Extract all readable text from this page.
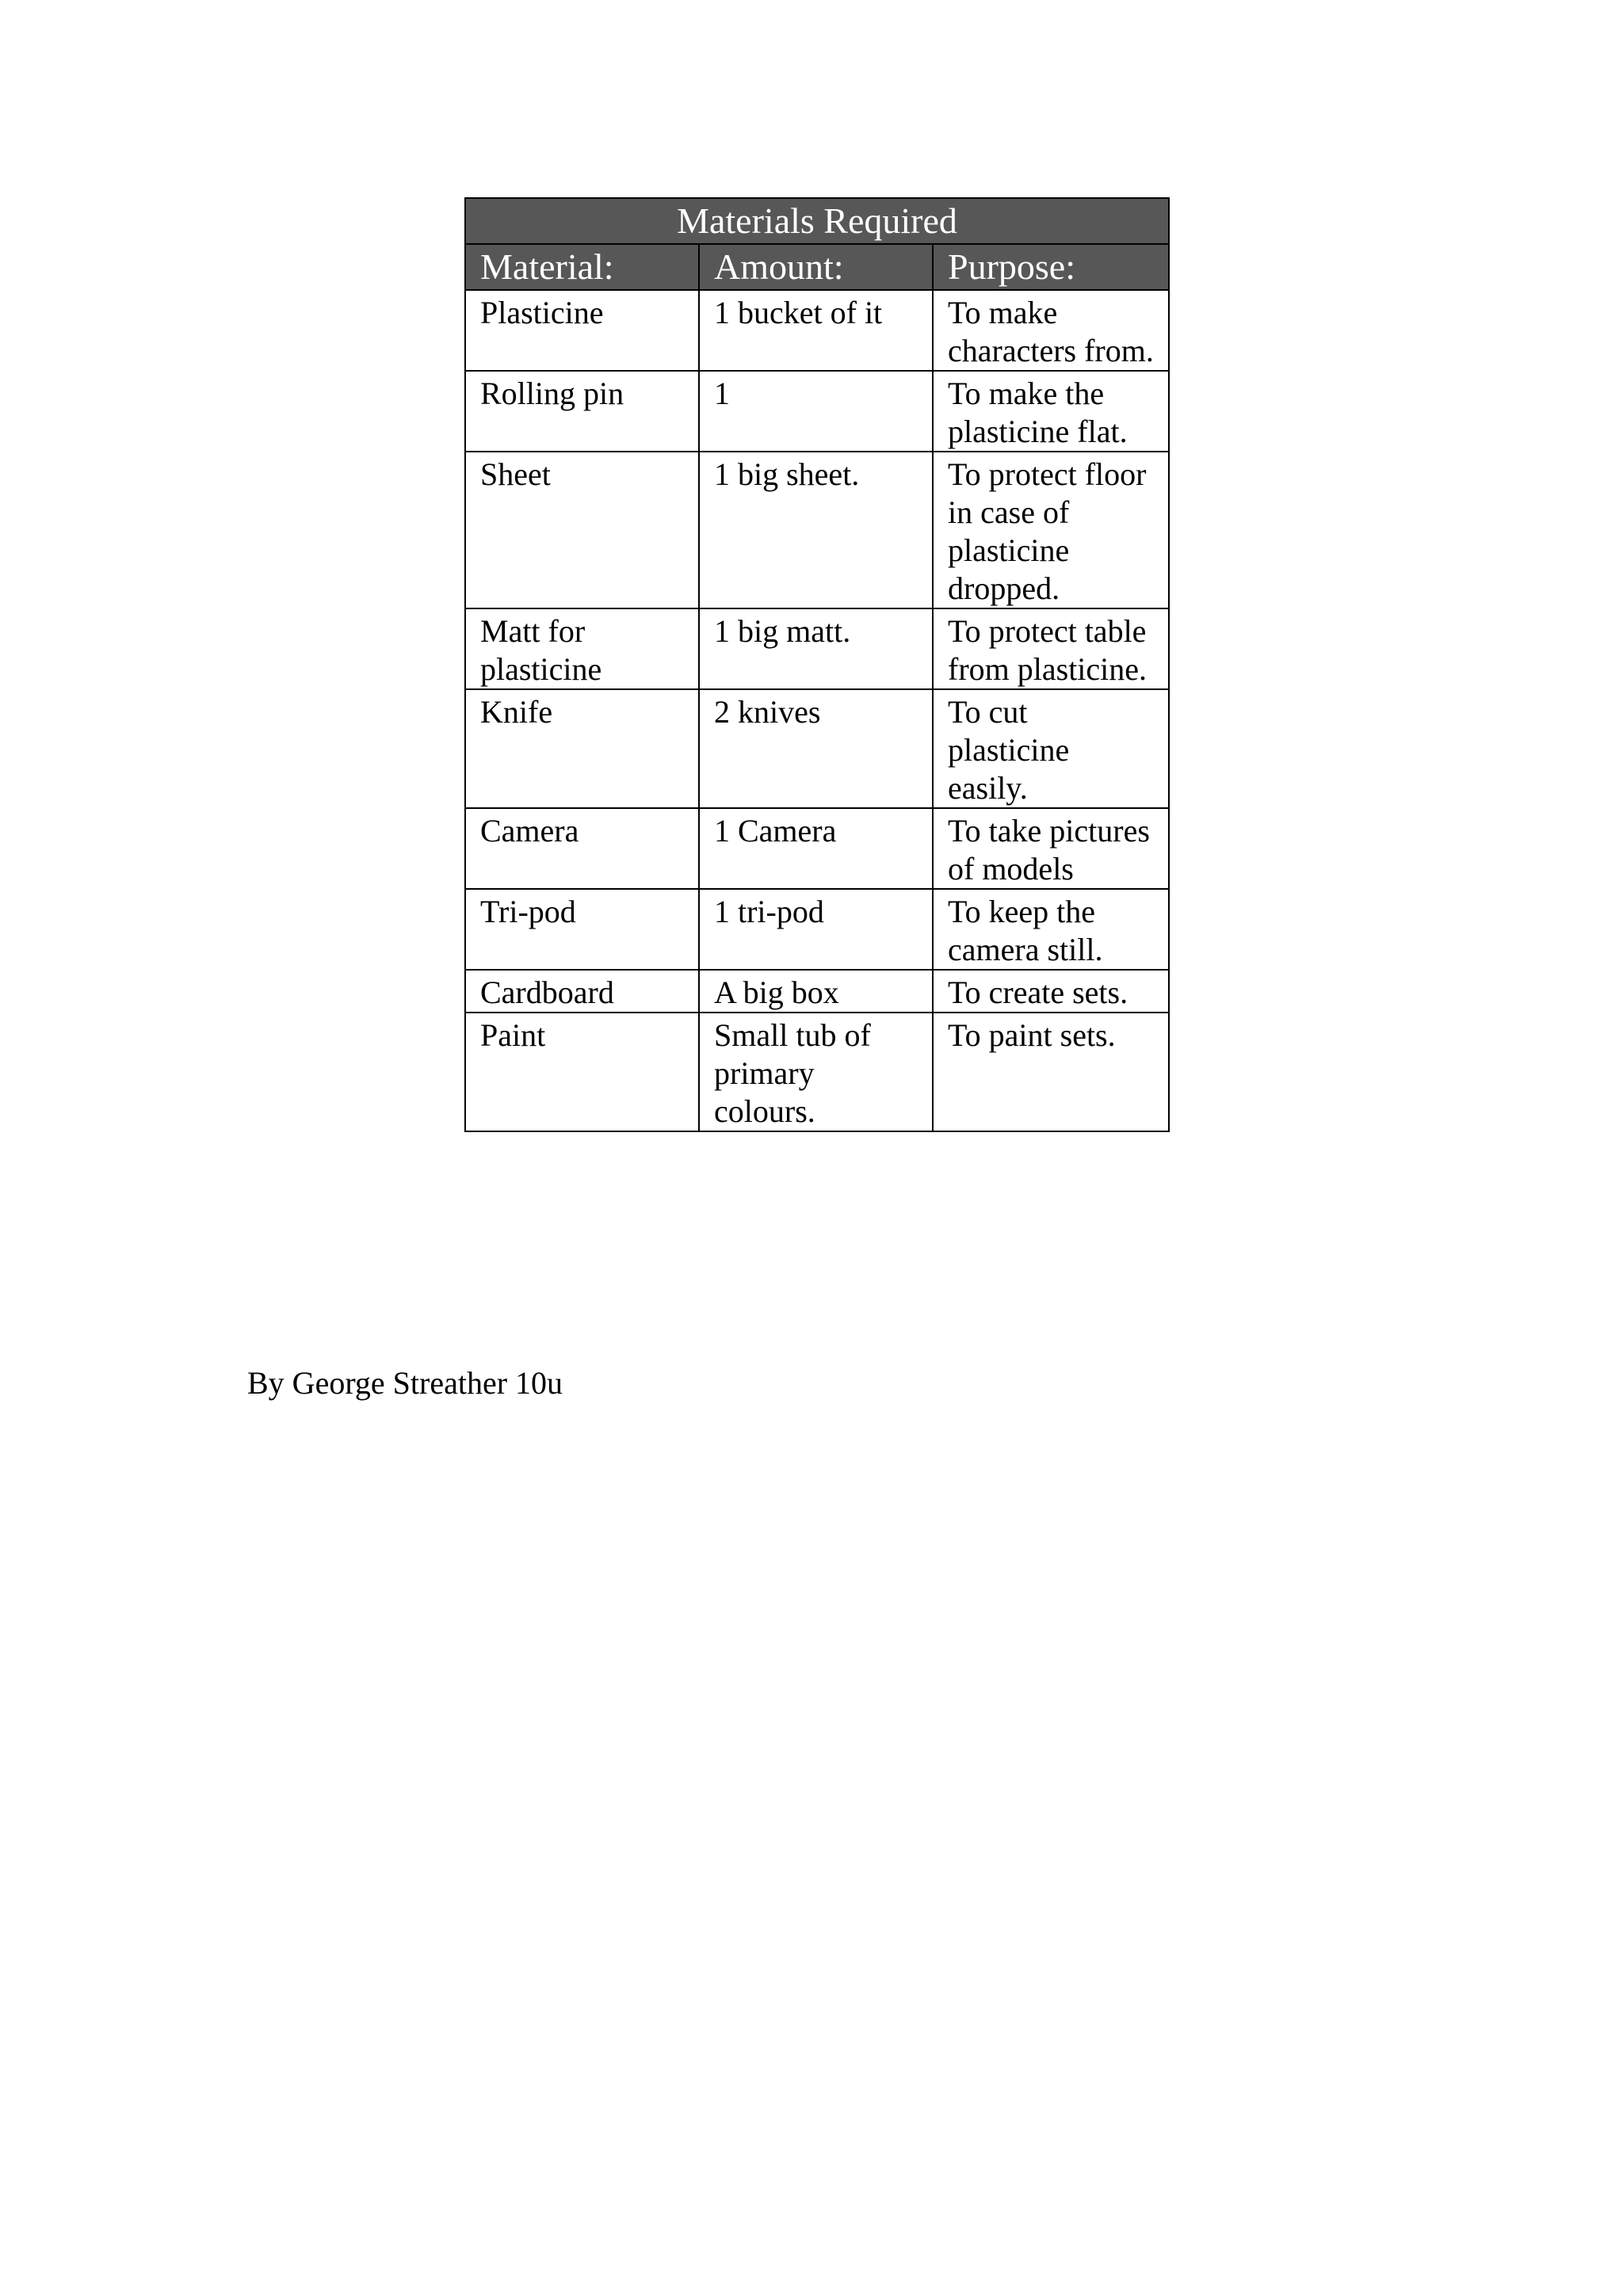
Materials Required		
Material:	Amount:	Purpose:
Plasticine	1 bucket of it	To make characters from.
Rolling pin	1	To make the plasticine flat.
Sheet	1 big sheet.	To protect floor in case of plasticine dropped.
Matt for plasticine	1 big matt.	To protect table from plasticine.
Knife	2 knives	To cut plasticine easily.
Camera	1 Camera	To take pictures of models
Tri-pod	1 tri-pod	To keep the camera still.
Cardboard	A big box	To create sets.
Paint	Small tub of primary colours.	To paint sets.
By George Streather 10u
